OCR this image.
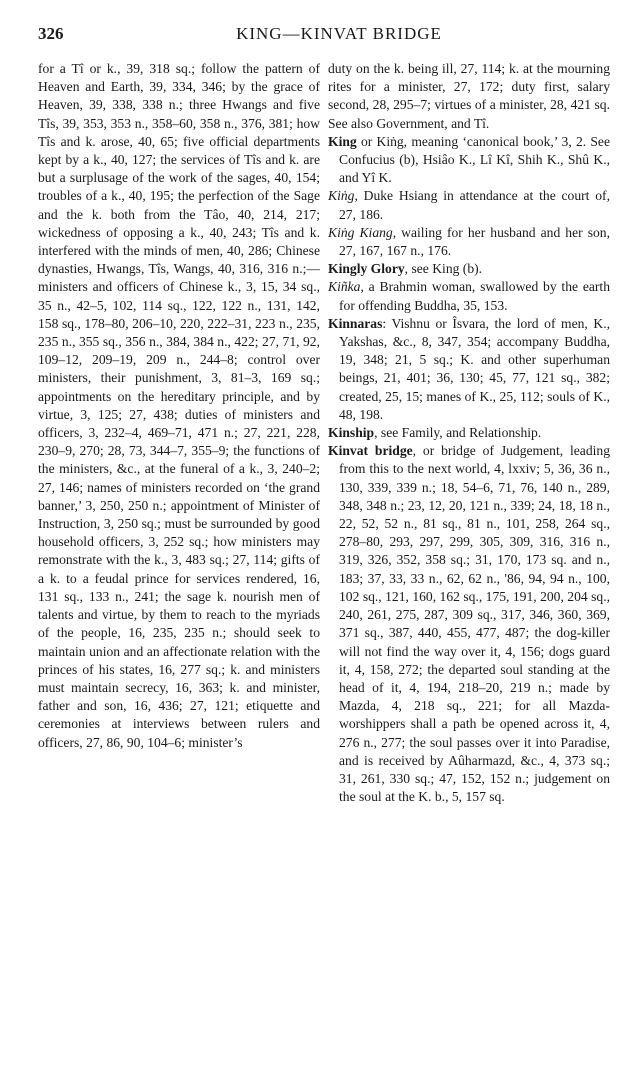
326	KING—KINVAT BRIDGE

for a Tî or k., 39, 318 sq.; follow the pattern of Heaven and Earth, 39, 334, 346; by the grace of Heaven, 39, 338, 338 n.; three Hwangs and five Tîs, 39, 353, 353 n., 358–60, 358 n., 376, 381; how Tîs and k. arose, 40, 65; five official departments kept by a k., 40, 127; the services of Tîs and k. are but a surplusage of the work of the sages, 40, 154; troubles of a k., 40, 195; the perfection of the Sage and the k. both from the Tâo, 40, 214, 217; wickedness of opposing a k., 40, 243; Tîs and k. interfered with the minds of men, 40, 286; Chinese dynasties, Hwangs, Tîs, Wangs, 40, 316, 316 n.;—ministers and officers of Chinese k., 3, 15, 34 sq., 35 n., 42–5, 102, 114 sq., 122, 122 n., 131, 142, 158 sq., 178–80, 206–10, 220, 222–31, 223 n., 235, 235 n., 355 sq., 356 n., 384, 384 n., 422; 27, 71, 92, 109–12, 209–19, 209 n., 244–8; control over ministers, their punishment, 3, 81–3, 169 sq.; appointments on the hereditary principle, and by virtue, 3, 125; 27, 438; duties of ministers and officers, 3, 232–4, 469–71, 471 n.; 27, 221, 228, 230–9, 270; 28, 73, 344–7, 355–9; the functions of the ministers, &c., at the funeral of a k., 3, 240–2; 27, 146; names of ministers recorded on ‘the grand banner,’ 3, 250, 250 n.; appointment of Minister of Instruction, 3, 250 sq.; must be surrounded by good household officers, 3, 252 sq.; how ministers may remonstrate with the k., 3, 483 sq.; 27, 114; gifts of a k. to a feudal prince for services rendered, 16, 131 sq., 133 n., 241; the sage k. nourish men of talents and virtue, by them to reach to the myriads of the people, 16, 235, 235 n.; should seek to maintain union and an affectionate relation with the princes of his states, 16, 277 sq.; k. and ministers must maintain secrecy, 16, 363; k. and minister, father and son, 16, 436; 27, 121; etiquette and ceremonies at interviews between rulers and officers, 27, 86, 90, 104–6; minister’s

duty on the k. being ill, 27, 114; k. at the mourning rites for a minister, 27, 172; duty first, salary second, 28, 295–7; virtues of a minister, 28, 421 sq. See also Government, and Tî.

King or Kiṅg, meaning ‘canonical book,’ 3, 2. See Confucius (b), Hsiâo K., Lî Kî, Shih K., Shû K., and Yî K.

Kiṅg, Duke Hsiang in attendance at the court of, 27, 186.

Kiṅg Kiang, wailing for her husband and her son, 27, 167, 167 n., 176.

Kingly Glory, see King (b).

Kiñka, a Brahmin woman, swallowed by the earth for offending Buddha, 35, 153.

Kinnaras: Vishnu or Îsvara, the lord of men, K., Yakshas, &c., 8, 347, 354; accompany Buddha, 19, 348; 21, 5 sq.; K. and other superhuman beings, 21, 401; 36, 130; 45, 77, 121 sq., 382; created, 25, 15; manes of K., 25, 112; souls of K., 48, 198.

Kinship, see Family, and Relationship.

Kinvat bridge, or bridge of Judgement, leading from this to the next world, 4, lxxiv; 5, 36, 36 n., 130, 339, 339 n.; 18, 54–6, 71, 76, 140 n., 289, 348, 348 n.; 23, 12, 20, 121 n., 339; 24, 18, 18 n., 22, 52, 52 n., 81 sq., 81 n., 101, 258, 264 sq., 278–80, 293, 297, 299, 305, 309, 316, 316 n., 319, 326, 352, 358 sq.; 31, 170, 173 sq. and n., 183; 37, 33, 33 n., 62, 62 n., '86, 94, 94 n., 100, 102 sq., 121, 160, 162 sq., 175, 191, 200, 204 sq., 240, 261, 275, 287, 309 sq., 317, 346, 360, 369, 371 sq., 387, 440, 455, 477, 487; the dog-killer will not find the way over it, 4, 156; dogs guard it, 4, 158, 272; the departed soul standing at the head of it, 4, 194, 218–20, 219 n.; made by Mazda, 4, 218 sq., 221; for all Mazda-worshippers shall a path be opened across it, 4, 276 n., 277; the soul passes over it into Paradise, and is received by Aûharmazd, &c., 4, 373 sq.; 31, 261, 330 sq.; 47, 152, 152 n.; judgement on the soul at the K. b., 5, 157 sq.
